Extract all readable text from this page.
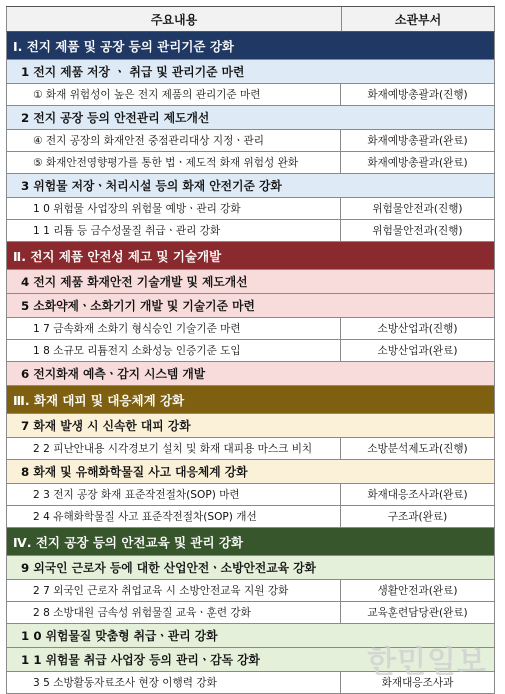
주요내용	소관부서
Ⅰ. 전지 제품 및 공장 등의 관리기준 강화
1 전지 제품 저장 ㆍ 취급 및 관리기준 마련
① 화재 위험성이 높은 전지 제품의 관리기준 마련	화재예방총괄과(진행)
2 전지 공장 등의 안전관리 제도개선
④ 전지 공장의 화재안전 중점관리대상 지정ㆍ관리	화재예방총괄과(완료)
⑤ 화재안전영향평가를 통한 법ㆍ제도적 화재 위험성 완화	화재예방총괄과(완료)
3 위험물 저장ㆍ처리시설 등의 화재 안전기준 강화
1 0 위험물 사업장의 위험물 예방ㆍ관리 강화	위험물안전과(진행)
1 1 리튬 등 금수성물질 취급ㆍ관리 강화	위험물안전과(진행)
Ⅱ. 전지 제품 안전성 제고 및 기술개발
4 전지 제품 화재안전 기술개발 및 제도개선
5 소화약제ㆍ소화기기 개발 및 기술기준 마련
1 7 금속화재 소화기 형식승인 기술기준 마련	소방산업과(진행)
1 8 소규모 리튬전지 소화성능 인증기준 도입	소방산업과(완료)
6 전지화재 예측ㆍ감지 시스템 개발
Ⅲ. 화재 대피 및 대응체계 강화
7 화재 발생 시 신속한 대피 강화
2 2 피난안내용 시각경보기 설치 및 화재 대피용 마스크 비치	소방분석제도과(진행)
8 화재 및 유해화학물질 사고 대응체계 강화
2 3 전지 공장 화재 표준작전절차(SOP) 마련	화재대응조사과(완료)
2 4 유해화학물질 사고 표준작전절차(SOP) 개선	구조과(완료)
Ⅳ. 전지 공장 등의 안전교육 및 관리 강화
9 외국인 근로자 등에 대한 산업안전ㆍ소방안전교육 강화
2 7 외국인 근로자 취업교육 시 소방안전교육 지원 강화	생활안전과(완료)
2 8 소방대원 금속성 위험물질 교육ㆍ훈련 강화	교육훈련담당관(완료)
1 0 위험물질 맞춤형 취급ㆍ관리 강화
1 1 위험물 취급 사업장 등의 관리ㆍ감독 강화
3 5 소방활동자료조사 현장 이행력 강화	화재대응조사과
한민일보
